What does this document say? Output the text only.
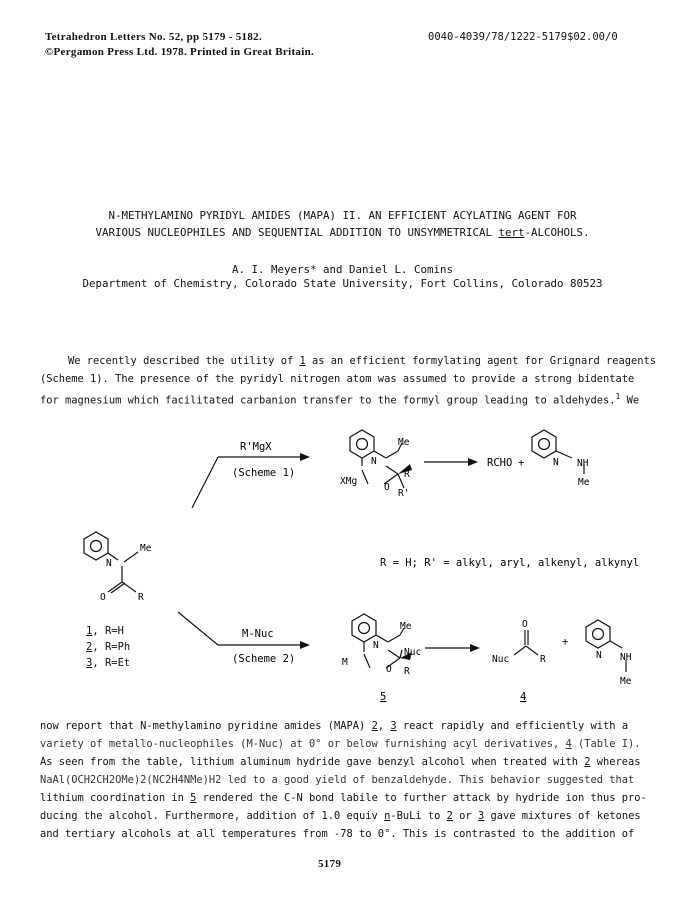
Tetrahedron Letters No. 52, pp 5179 - 5182.
©Pergamon Press Ltd. 1978. Printed in Great Britain.
0040-4039/78/1222-5179$02.00/0
N-METHYLAMINO PYRIDYL AMIDES (MAPA) II. AN EFFICIENT ACYLATING AGENT FOR
VARIOUS NUCLEOPHILES AND SEQUENTIAL ADDITION TO UNSYMMETRICAL tert-ALCOHOLS.
A. I. Meyers* and Daniel L. Comins
Department of Chemistry, Colorado State University, Fort Collins, Colorado 80523
We recently described the utility of 1 as an efficient formylating agent for Grignard reagents
(Scheme 1). The presence of the pyridyl nitrogen atom was assumed to provide a strong bidentate
for magnesium which facilitated carbanion transfer to the formyl group leading to aldehydes.$^1$ We
R'MgX
(Scheme 1)
N
Me
R
R'
O
XMg
RCHO +	N NH
Me
N
Me
O	R
R = H; R' = alkyl, aryl, alkenyl, alkynyl
M-Nuc
(Scheme 2)
N
Me
Nuc
R
O
M
5
O
Nuc	R
4
+
N NH
Me
1, R=H
2, R=Ph
3, R=Et
now report that N-methylamino pyridine amides (MAPA) 2, 3 react rapidly and efficiently with a
variety of metallo-nucleophiles (M-Nuc) at 0° or below furnishing acyl derivatives, 4 (Table I).
As seen from the table, lithium aluminum hydride gave benzyl alcohol when treated with 2 whereas
NaAl(OCH2CH2OMe)2(NC2H4NMe)H2 led to a good yield of benzaldehyde. This behavior suggested that
lithium coordination in 5 rendered the C-N bond labile to further attack by hydride ion thus pro-
ducing the alcohol. Furthermore, addition of 1.0 equiv n-BuLi to 2 or 3 gave mixtures of ketones
and tertiary alcohols at all temperatures from -78 to 0°. This is contrasted to the addition of
5179
